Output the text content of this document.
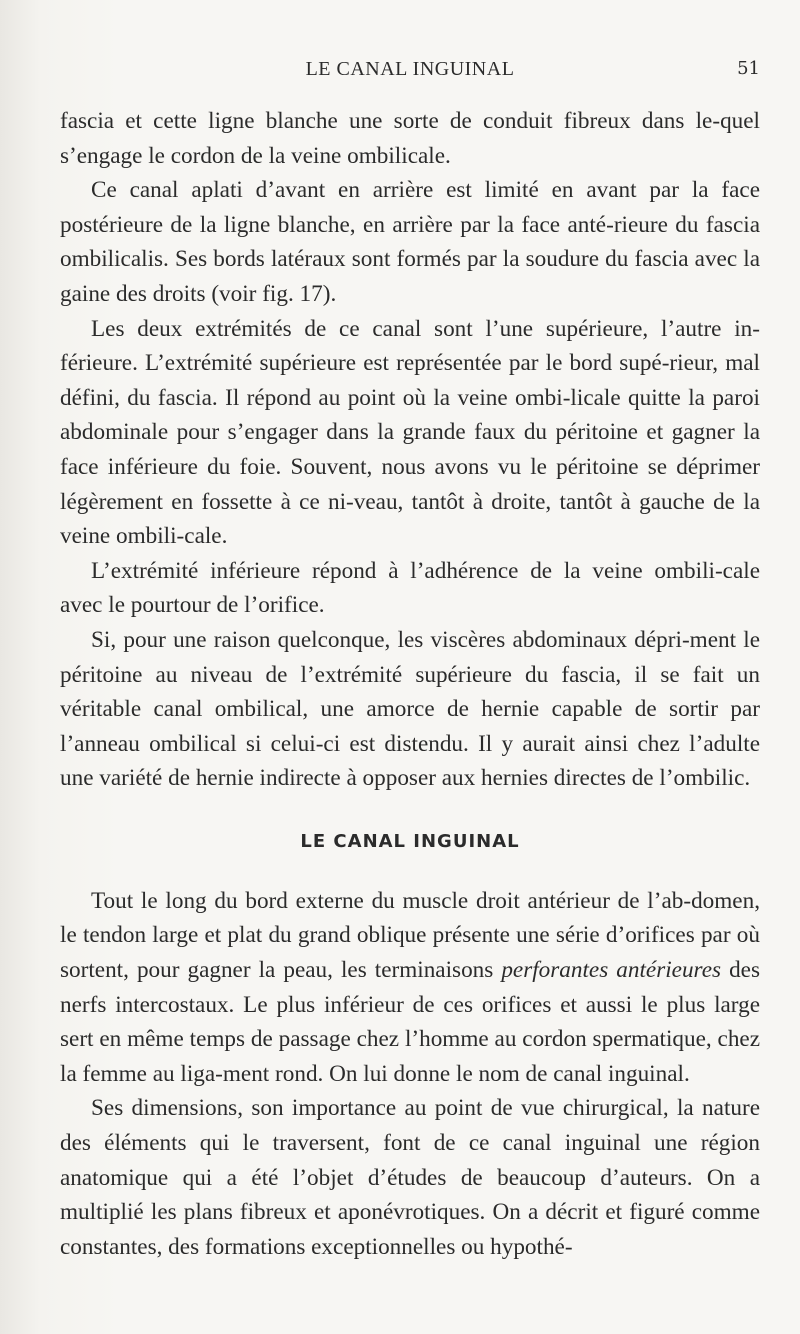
LE CANAL INGUINAL	51

fascia et cette ligne blanche une sorte de conduit fibreux dans le-quel s’engage le cordon de la veine ombilicale.

Ce canal aplati d’avant en arrière est limité en avant par la face postérieure de la ligne blanche, en arrière par la face anté-rieure du fascia ombilicalis. Ses bords latéraux sont formés par la soudure du fascia avec la gaine des droits (voir fig. 17).

Les deux extrémités de ce canal sont l’une supérieure, l’autre in-férieure. L’extrémité supérieure est représentée par le bord supé-rieur, mal défini, du fascia. Il répond au point où la veine ombi-licale quitte la paroi abdominale pour s’engager dans la grande faux du péritoine et gagner la face inférieure du foie. Souvent, nous avons vu le péritoine se déprimer légèrement en fossette à ce ni-veau, tantôt à droite, tantôt à gauche de la veine ombili-cale.

L’extrémité inférieure répond à l’adhérence de la veine ombili-cale avec le pourtour de l’orifice.

Si, pour une raison quelconque, les viscères abdominaux dépri-ment le péritoine au niveau de l’extrémité supérieure du fascia, il se fait un véritable canal ombilical, une amorce de hernie capable de sortir par l’anneau ombilical si celui-ci est distendu. Il y aurait ainsi chez l’adulte une variété de hernie indirecte à opposer aux hernies directes de l’ombilic.

LE CANAL INGUINAL

Tout le long du bord externe du muscle droit antérieur de l’ab-domen, le tendon large et plat du grand oblique présente une série d’orifices par où sortent, pour gagner la peau, les terminaisons perforantes antérieures des nerfs intercostaux. Le plus inférieur de ces orifices et aussi le plus large sert en même temps de passage chez l’homme au cordon spermatique, chez la femme au liga-ment rond. On lui donne le nom de canal inguinal.

Ses dimensions, son importance au point de vue chirurgical, la nature des éléments qui le traversent, font de ce canal inguinal une région anatomique qui a été l’objet d’études de beaucoup d’auteurs. On a multiplié les plans fibreux et aponévrotiques. On a décrit et figuré comme constantes, des formations exceptionnelles ou hypothé-
